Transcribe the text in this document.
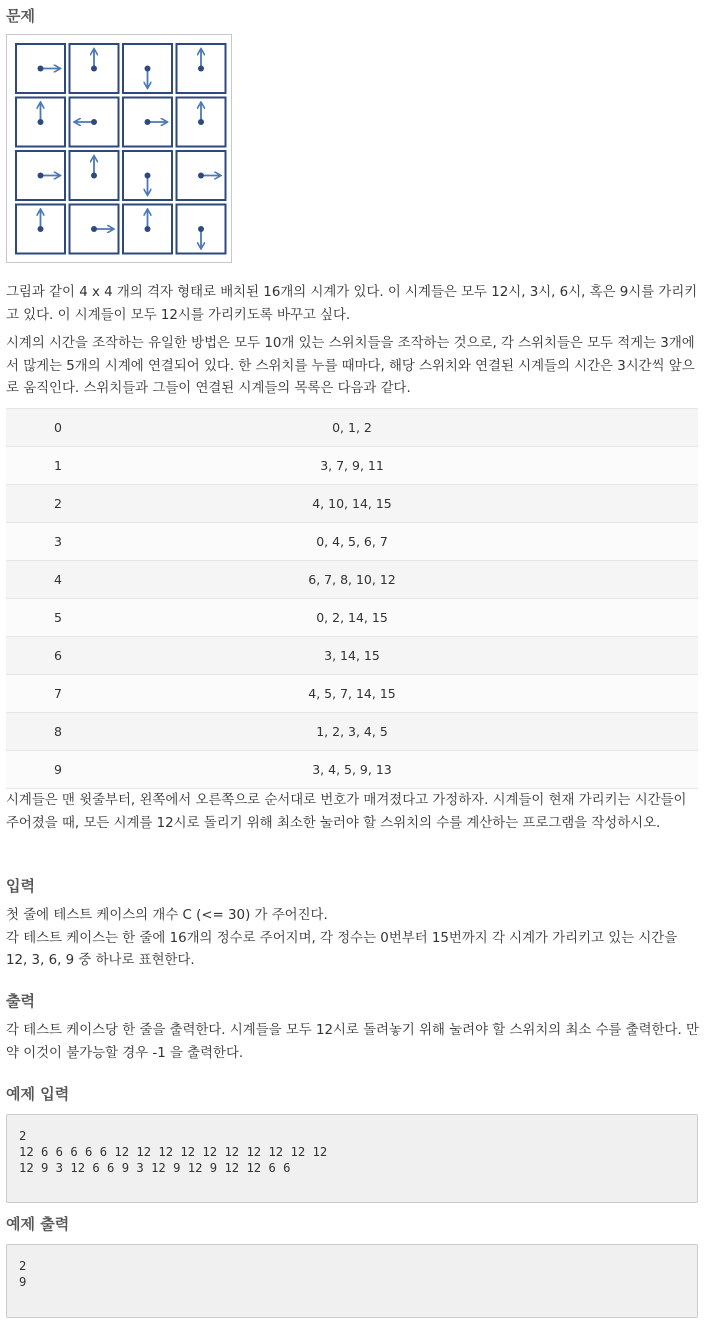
문제

그림과 같이 4 x 4 개의 격자 형태로 배치된 16개의 시계가 있다. 이 시계들은 모두 12시, 3시, 6시, 혹은 9시를 가리키고 있다. 이 시계들이 모두 12시를 가리키도록 바꾸고 싶다.

시계의 시간을 조작하는 유일한 방법은 모두 10개 있는 스위치들을 조작하는 것으로, 각 스위치들은 모두 적게는 3개에서 많게는 5개의 시계에 연결되어 있다. 한 스위치를 누를 때마다, 해당 스위치와 연결된 시계들의 시간은 3시간씩 앞으로 움직인다. 스위치들과 그들이 연결된 시계들의 목록은 다음과 같다.

0	0, 1, 2
1	3, 7, 9, 11
2	4, 10, 14, 15
3	0, 4, 5, 6, 7
4	6, 7, 8, 10, 12
5	0, 2, 14, 15
6	3, 14, 15
7	4, 5, 7, 14, 15
8	1, 2, 3, 4, 5
9	3, 4, 5, 9, 13

시계들은 맨 윗줄부터, 왼쪽에서 오른쪽으로 순서대로 번호가 매겨졌다고 가정하자. 시계들이 현재 가리키는 시간들이 주어졌을 때, 모든 시계를 12시로 돌리기 위해 최소한 눌러야 할 스위치의 수를 계산하는 프로그램을 작성하시오.

입력

첫 줄에 테스트 케이스의 개수 C (<= 30) 가 주어진다.

각 테스트 케이스는 한 줄에 16개의 정수로 주어지며, 각 정수는 0번부터 15번까지 각 시계가 가리키고 있는 시간을 12, 3, 6, 9 중 하나로 표현한다.

출력

각 테스트 케이스당 한 줄을 출력한다. 시계들을 모두 12시로 돌려놓기 위해 눌려야 할 스위치의 최소 수를 출력한다. 만약 이것이 불가능할 경우 -1 을 출력한다.

예제 입력
2
12 6 6 6 6 6 12 12 12 12 12 12 12 12 12 12
12 9 3 12 6 6 9 3 12 9 12 9 12 12 6 6
예제 출력
2
9
